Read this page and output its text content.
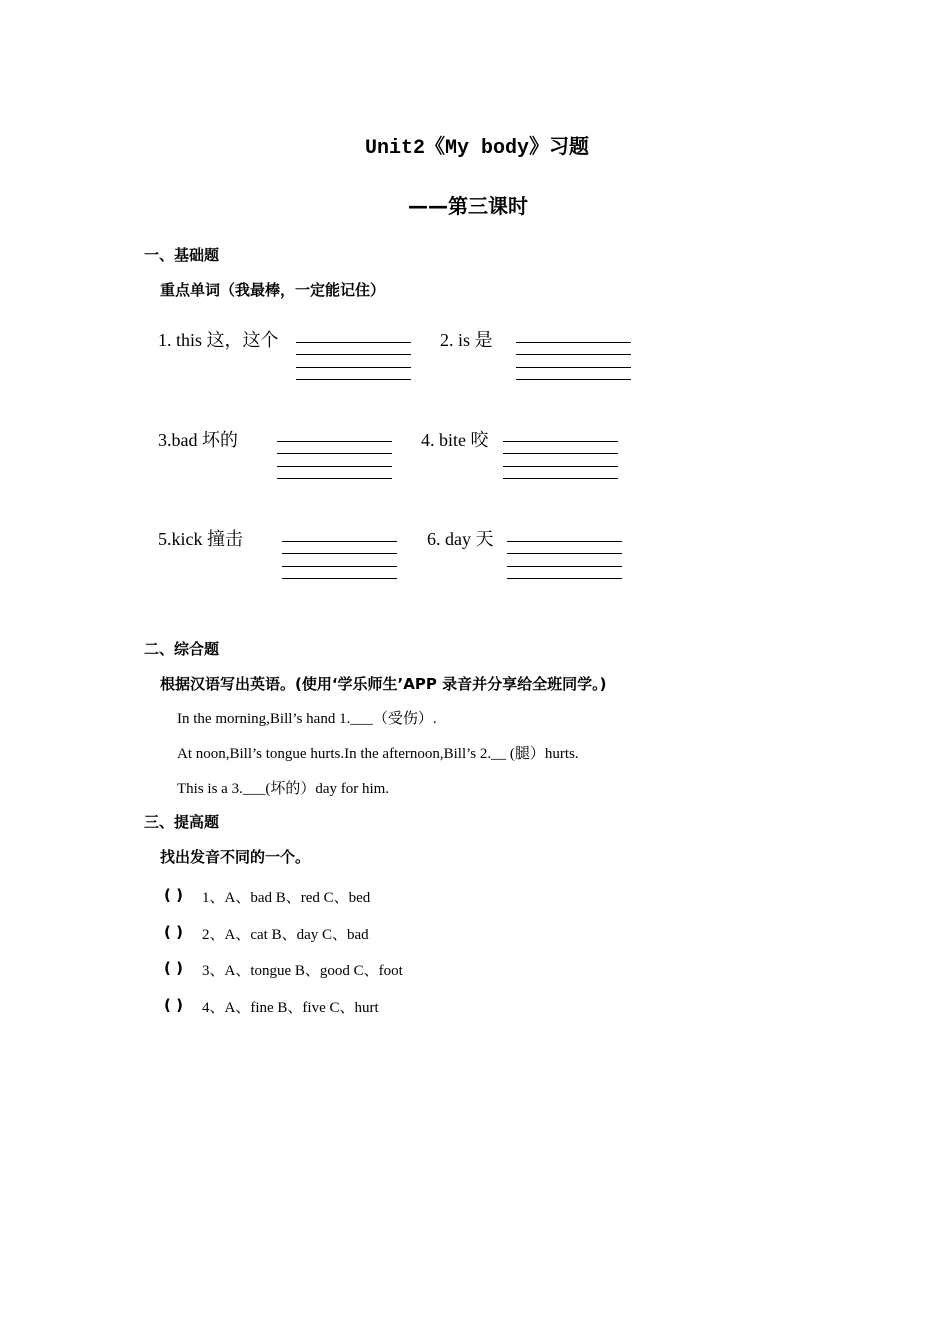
Unit2《My body》习题
——第三课时
一、基础题
重点单词（我最棒，一定能记住）
1. this 这，这个	2. is 是
3.bad 坏的	4. bite 咬
5.kick 撞击	6. day 天
二、综合题
根据汉语写出英语。(使用‘学乐师生’APP 录音并分享给全班同学。)
In the morning,Bill’s hand 1.___（受伤）.
At noon,Bill’s tongue hurts.In the afternoon,Bill’s 2.__ (腿）hurts.
This is a 3.___(坏的）day for him.
三、提高题
找出发音不同的一个。
( ) 1、A、bad B、red C、bed
( ) 2、A、cat B、day C、bad
( ) 3、A、tongue B、good C、foot
( ) 4、A、fine B、five C、hurt
